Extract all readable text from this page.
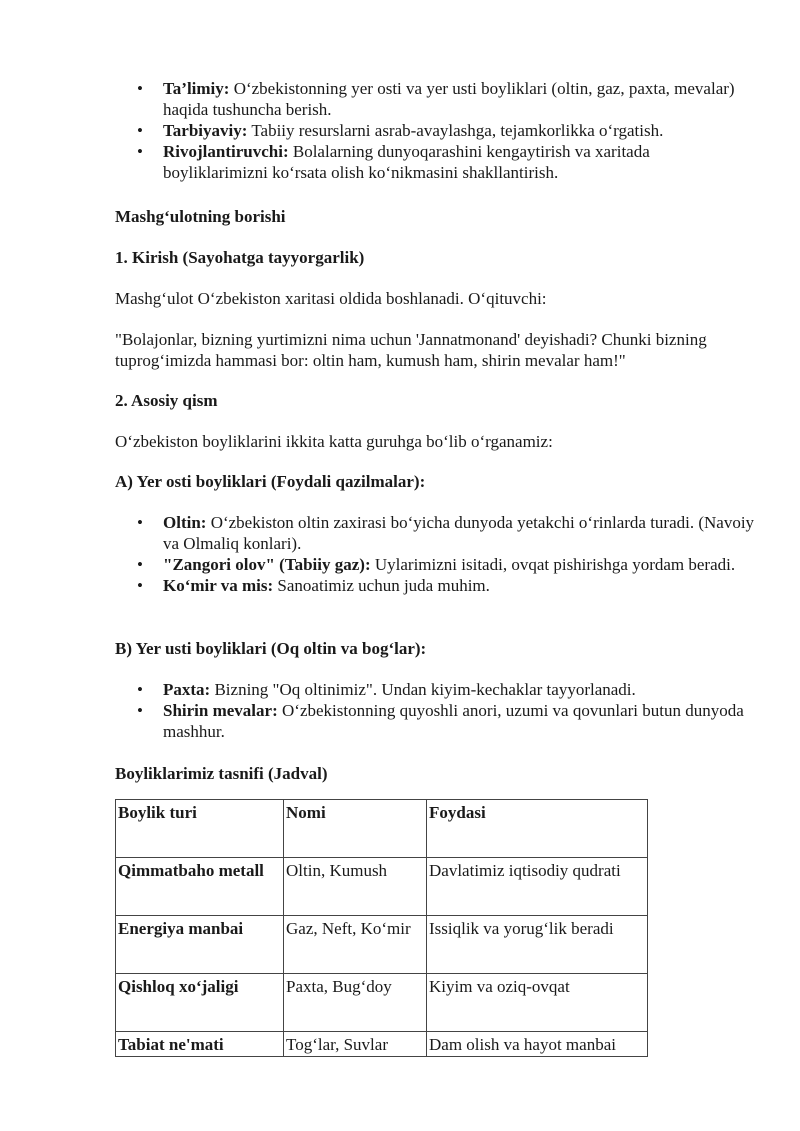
• Ta’limiy: O‘zbekistonning yer osti va yer usti boyliklari (oltin, gaz, paxta, mevalar) haqida tushuncha berish.
• Tarbiyaviy: Tabiiy resurslarni asrab-avaylashga, tejamkorlikka o‘rgatish.
• Rivojlantiruvchi: Bolalarning dunyoqarashini kengaytirish va xaritada boyliklarimizni ko‘rsata olish ko‘nikmasini shakllantirish.

Mashg‘ulotning borishi

1. Kirish (Sayohatga tayyorgarlik)

Mashg‘ulot O‘zbekiston xaritasi oldida boshlanadi. O‘qituvchi:

"Bolajonlar, bizning yurtimizni nima uchun 'Jannatmonand' deyishadi? Chunki bizning tuprog‘imizda hammasi bor: oltin ham, kumush ham, shirin mevalar ham!"

2. Asosiy qism

O‘zbekiston boyliklarini ikkita katta guruhga bo‘lib o‘rganamiz:

A) Yer osti boyliklari (Foydali qazilmalar):

• Oltin: O‘zbekiston oltin zaxirasi bo‘yicha dunyoda yetakchi o‘rinlarda turadi. (Navoiy va Olmaliq konlari).
• "Zangori olov" (Tabiiy gaz): Uylarimizni isitadi, ovqat pishirishga yordam beradi.
• Ko‘mir va mis: Sanoatimiz uchun juda muhim.

B) Yer usti boyliklari (Oq oltin va bog‘lar):

• Paxta: Bizning "Oq oltinimiz". Undan kiyim-kechaklar tayyorlanadi.
• Shirin mevalar: O‘zbekistonning quyoshli anori, uzumi va qovunlari butun dunyoda mashhur.

Boyliklarimiz tasnifi (Jadval)

Boylik turi	Nomi	Foydasi
Qimmatbaho metall	Oltin, Kumush	Davlatimiz iqtisodiy qudrati
Energiya manbai	Gaz, Neft, Ko‘mir	Issiqlik va yorug‘lik beradi
Qishloq xo‘jaligi	Paxta, Bug‘doy	Kiyim va oziq-ovqat
Tabiat ne'mati	Tog‘lar, Suvlar	Dam olish va hayot manbai
